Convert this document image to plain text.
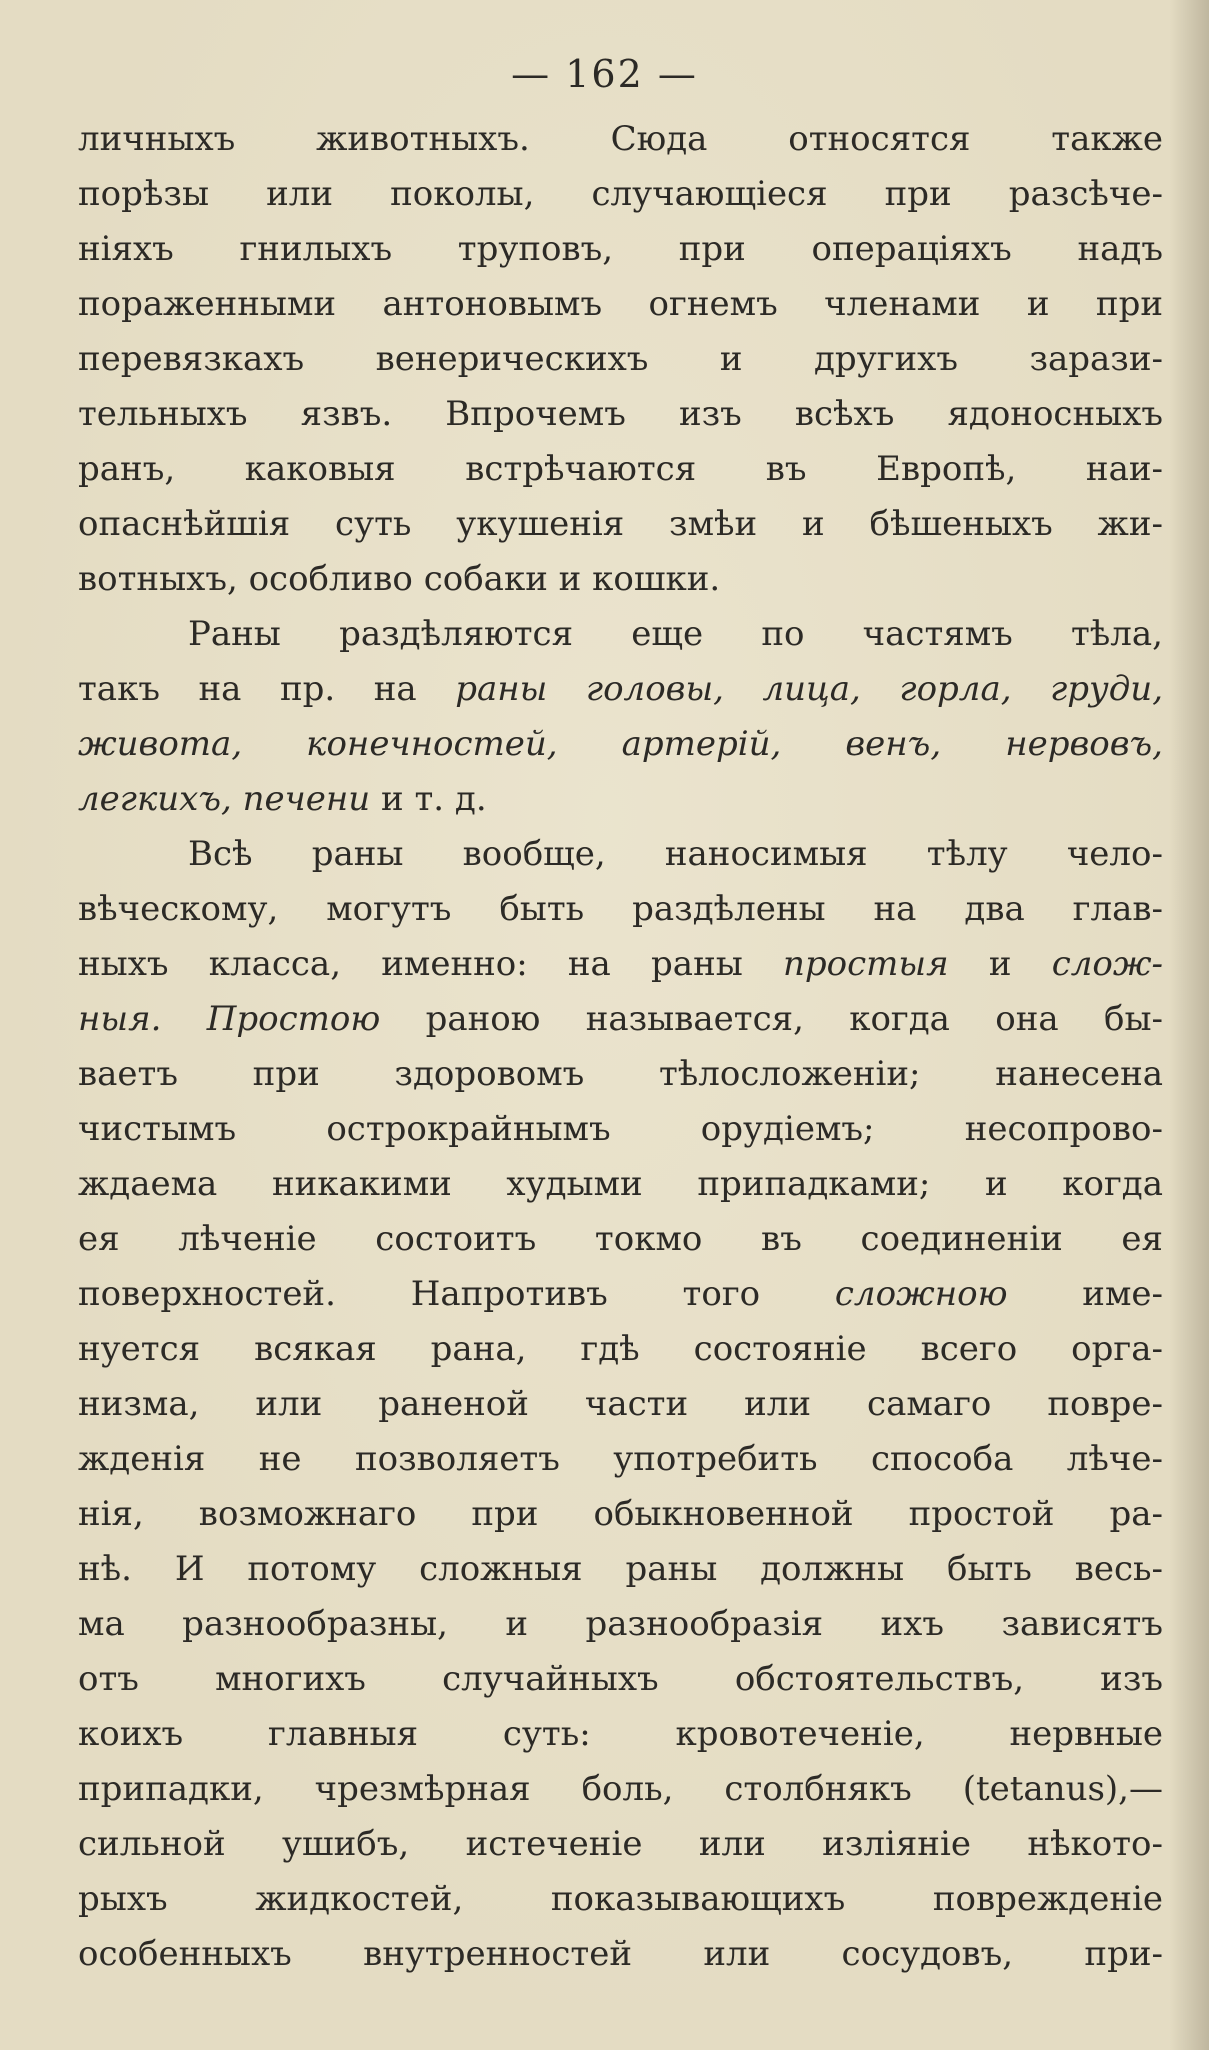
— 162 —
личныхъ животныхъ. Сюда относятся также
порѣзы или поколы, случающіеся при разсѣче-
ніяхъ гнилыхъ труповъ, при операціяхъ надъ
пораженными антоновымъ огнемъ членами и при
перевязкахъ венерическихъ и другихъ зарази-
тельныхъ язвъ. Впрочемъ изъ всѣхъ ядоносныхъ
ранъ, каковыя встрѣчаются въ Европѣ, наи-
опаснѣйшія суть укушенія змѣи и бѣшеныхъ жи-
вотныхъ, особливо собаки и кошки.
Раны раздѣляются еще по частямъ тѣла,
такъ на пр. на раны головы, лица, горла, груди,
живота, конечностей, артерій, венъ, нервовъ,
легкихъ, печени и т. д.
Всѣ раны вообще, наносимыя тѣлу чело-
вѣческому, могутъ быть раздѣлены на два глав-
ныхъ класса, именно: на раны простыя и слож-
ныя. Простою раною называется, когда она бы-
ваетъ при здоровомъ тѣлосложеніи; нанесена
чистымъ острокрайнымъ орудіемъ; несопрово-
ждаема никакими худыми припадками; и когда
ея лѣченіе состоитъ токмо въ соединеніи ея
поверхностей. Напротивъ того сложною име-
нуется всякая рана, гдѣ состояніе всего орга-
низма, или раненой части или самаго повре-
жденія не позволяетъ употребить способа лѣче-
нія, возможнаго при обыкновенной простой ра-
нѣ. И потому сложныя раны должны быть весь-
ма разнообразны, и разнообразія ихъ зависятъ
отъ многихъ случайныхъ обстоятельствъ, изъ
коихъ главныя суть: кровотеченіе, нервные
припадки, чрезмѣрная боль, столбнякъ (tetanus),—
сильной ушибъ, истеченіе или изліяніе нѣкото-
рыхъ жидкостей, показывающихъ поврежденіе
особенныхъ внутренностей или сосудовъ, при-
